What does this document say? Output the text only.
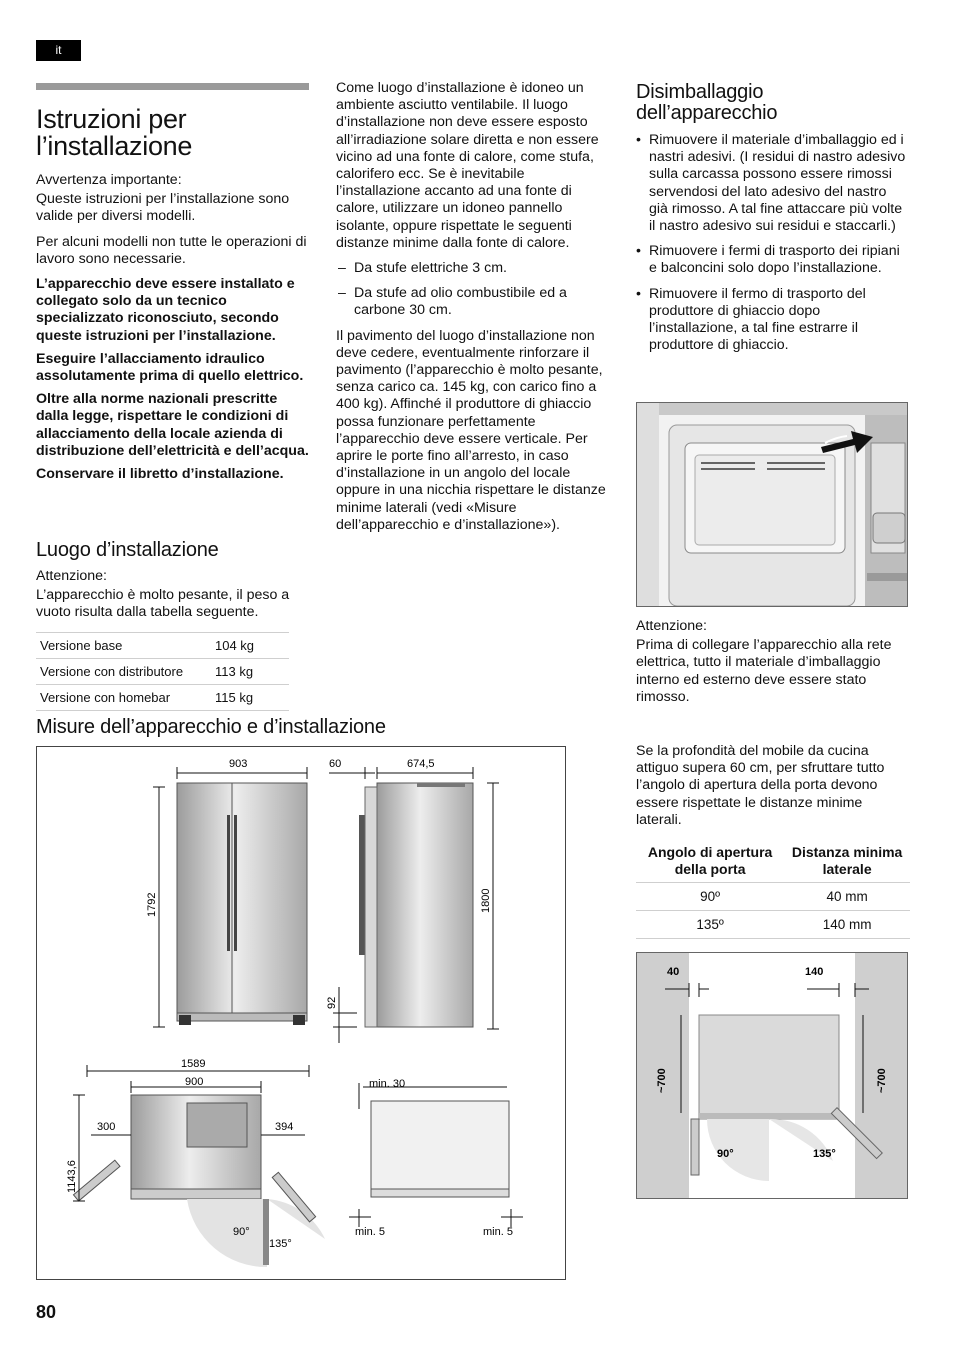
it
Istruzioni per l’installazione

Avvertenza importante:

Queste istruzioni per l’installazione sono valide per diversi modelli.

Per alcuni modelli non tutte le operazioni di lavoro sono necessarie.

L’apparecchio deve essere installato e collegato solo da un tecnico specializzato riconosciuto, secondo queste istruzioni per l’installazione.

Eseguire l’allacciamento idraulico assolutamente prima di quello elettrico.

Oltre alla norme nazionali prescritte dalla legge, rispettare le condizioni di allacciamento della locale azienda di distribuzione dell’elettricità e dell’acqua.

Conservare il libretto d’installazione.

Luogo d’installazione

Attenzione:

L’apparecchio è molto pesante, il peso a vuoto risulta dalla tabella seguente.

Versione base	104 kg
Versione con distributore	113 kg
Versione con homebar	115 kg

Come luogo d’installazione è idoneo un ambiente asciutto ventilabile. Il luogo d’installazione non deve essere esposto all’irradiazione solare diretta e non essere vicino ad una fonte di calore, come stufa, calorifero ecc. Se è inevitabile l’installazione accanto ad una fonte di calore, utilizzare un idoneo pannello isolante, oppure rispettate le seguenti distanze minime dalla fonte di calore.

– Da stufe elettriche 3 cm.
– Da stufe ad olio combustibile ed a carbone 30 cm.

Il pavimento del luogo d’installazione non deve cedere, eventualmente rinforzare il pavimento (l’apparecchio è molto pesante, senza carico ca. 145 kg, con carico fino a 400 kg). Affinché il produttore di ghiaccio possa funzionare perfettamente l’apparecchio deve essere verticale. Per aprire le porte fino all’arresto, in caso d’installazione in un angolo del locale oppure in una nicchia rispettare le distanze minime laterali (vedi «Misure dell’apparecchio e d’installazione»).

Disimballaggio dell’apparecchio
• Rimuovere il materiale d’imballaggio ed i nastri adesivi. (I residui di nastro adesivo sulla carcassa possono essere rimossi servendosi del lato adesivo del nastro già rimosso. A tal fine attaccare più volte il nastro adesivo sui residui e staccarli.)
• Rimuovere i fermi di trasporto dei ripiani e balconcini solo dopo l’installazione.
• Rimuovere il fermo di trasporto del produttore di ghiaccio dopo l’installazione, a tal fine estrarre il produttore di ghiaccio.

Attenzione:

Prima di collegare l’apparecchio alla rete elettrica, tutto il materiale d’imballaggio interno ed esterno deve essere stato rimosso.

Misure dell’apparecchio e d’installazione
903	60	674,5
1792	1800
92
1589
900
300	394
1143,6
90°
135°
min. 30
min. 5	min. 5
Se la profondità del mobile da cucina attiguo supera 60 cm, per sfruttare tutto l’angolo di apertura della porta devono essere rispettate le distanze minime laterali.
Angolo di apertura della porta	Distanza minima laterale
90º	40 mm
135º	140 mm
40	140
~700	~700
90°	135°
80
